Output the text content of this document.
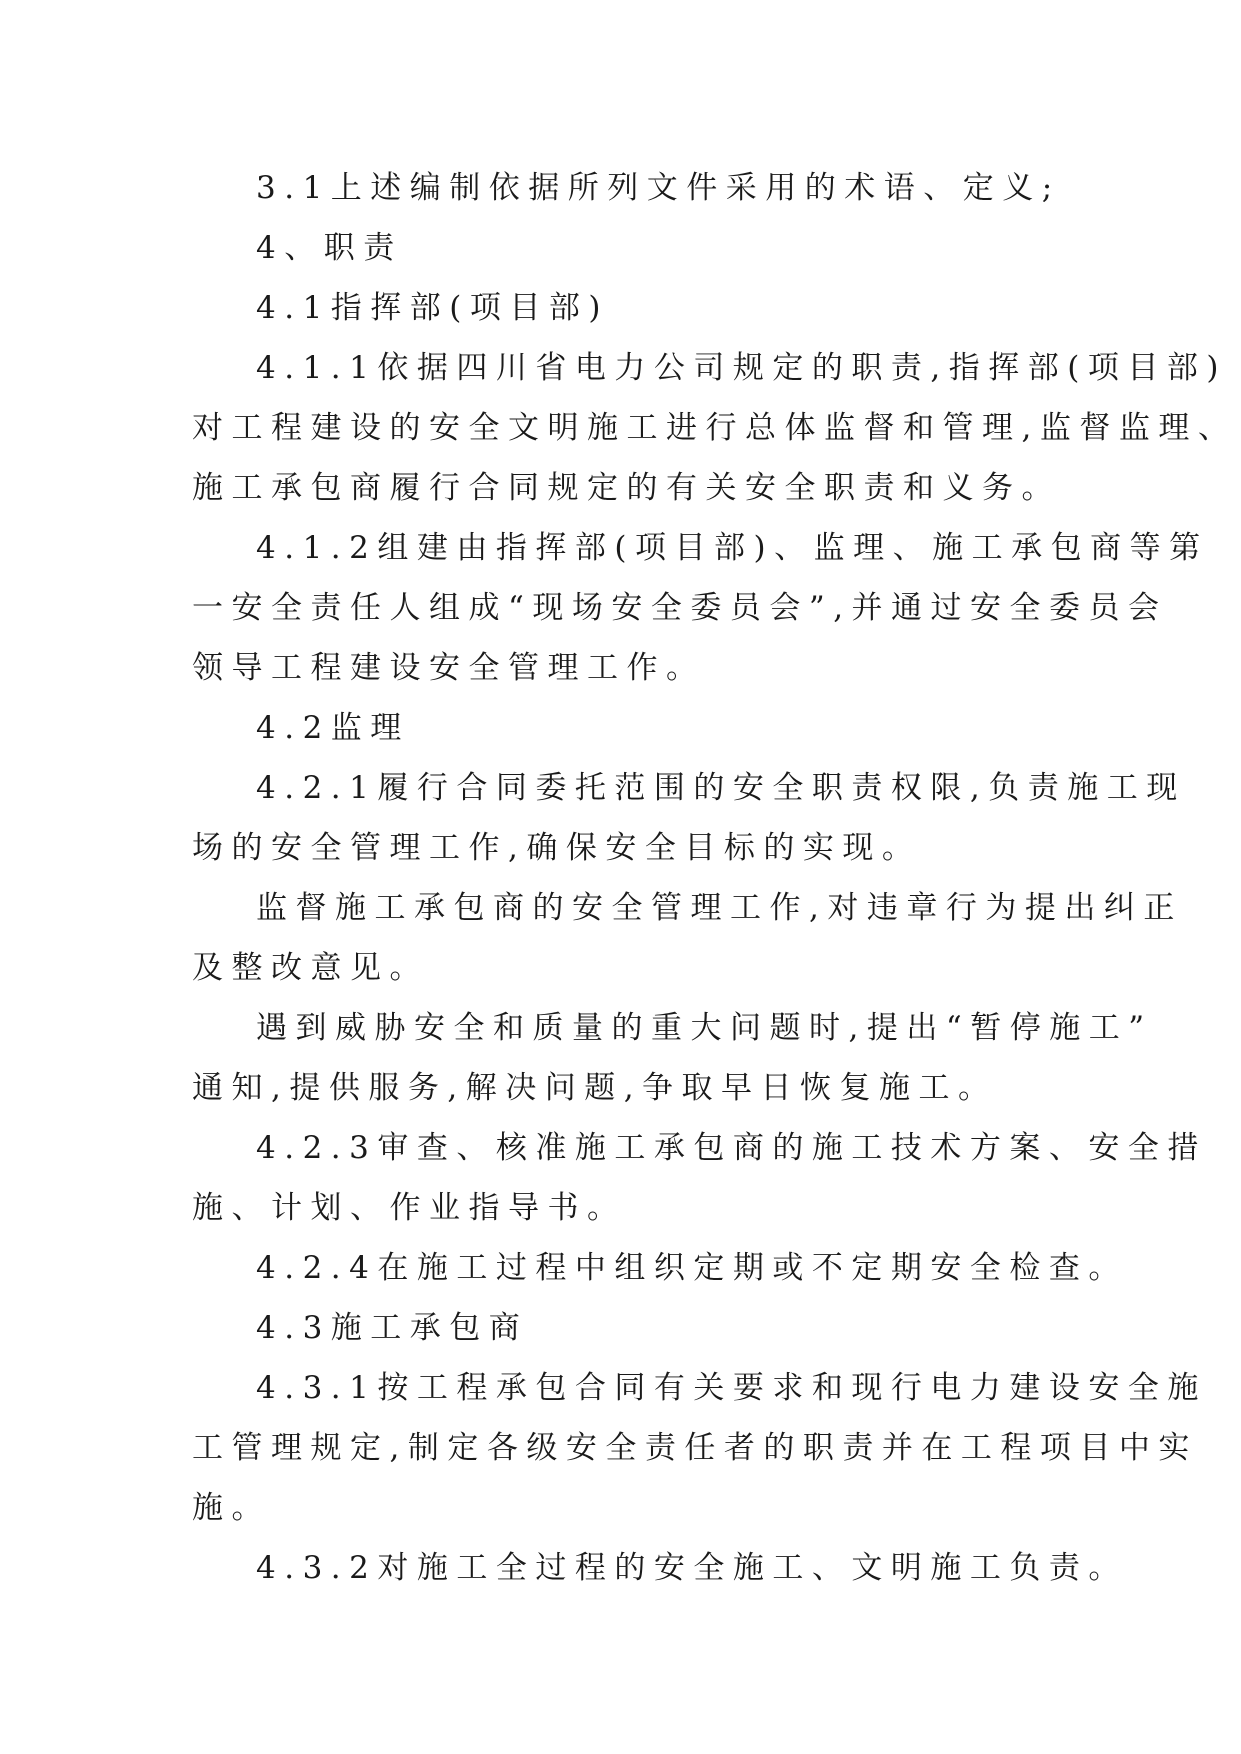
3.1上述编制依据所列文件采用的术语、定义;
4、职责
4.1指挥部(项目部)
4.1.1依据四川省电力公司规定的职责,指挥部(项目部)
对工程建设的安全文明施工进行总体监督和管理,监督监理、
施工承包商履行合同规定的有关安全职责和义务。
4.1.2组建由指挥部(项目部)、监理、施工承包商等第
一安全责任人组成“现场安全委员会”,并通过安全委员会
领导工程建设安全管理工作。
4.2监理
4.2.1履行合同委托范围的安全职责权限,负责施工现
场的安全管理工作,确保安全目标的实现。
监督施工承包商的安全管理工作,对违章行为提出纠正
及整改意见。
遇到威胁安全和质量的重大问题时,提出“暂停施工”
通知,提供服务,解决问题,争取早日恢复施工。
4.2.3审查、核准施工承包商的施工技术方案、安全措
施、计划、作业指导书。
4.2.4在施工过程中组织定期或不定期安全检查。
4.3施工承包商
4.3.1按工程承包合同有关要求和现行电力建设安全施
工管理规定,制定各级安全责任者的职责并在工程项目中实
施。
4.3.2对施工全过程的安全施工、文明施工负责。
